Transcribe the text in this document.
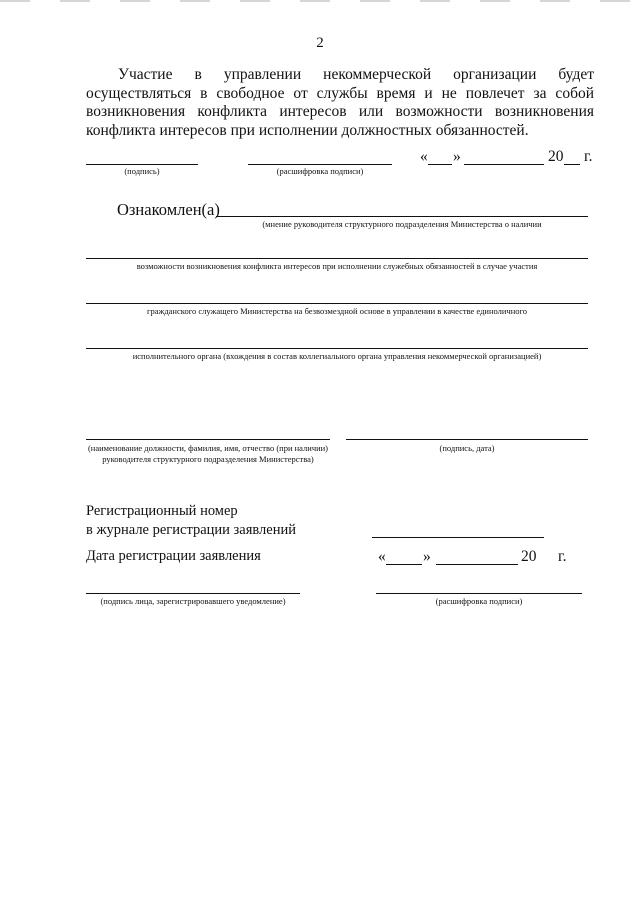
2
Участие в управлении некоммерческой организации будет
осуществляться в свободное от службы время и не повлечет за собой
возникновения конфликта интересов или возможности возникновения
конфликта интересов при исполнении должностных обязанностей.
(подпись)	(расшифровка подписи)
« »	20 г.
Ознакомлен(а)
(мнение руководителя структурного подразделения Министерства о наличии
возможности возникновения конфликта интересов при исполнении служебных обязанностей в случае участия
гражданского служащего Министерства на безвозмездной основе в управлении в качестве единоличного
исполнительного органа (вхождения в состав коллегиального органа управления некоммерческой организацией)
(наименование должности, фамилия, имя, отчество (при наличии) руководителя структурного подразделения Министерства)
(подпись, дата)
Регистрационный номер
в журнале регистрации заявлений
Дата регистрации заявления	« »	20 г.
(подпись лица, зарегистрировавшего уведомление)	(расшифровка подписи)
